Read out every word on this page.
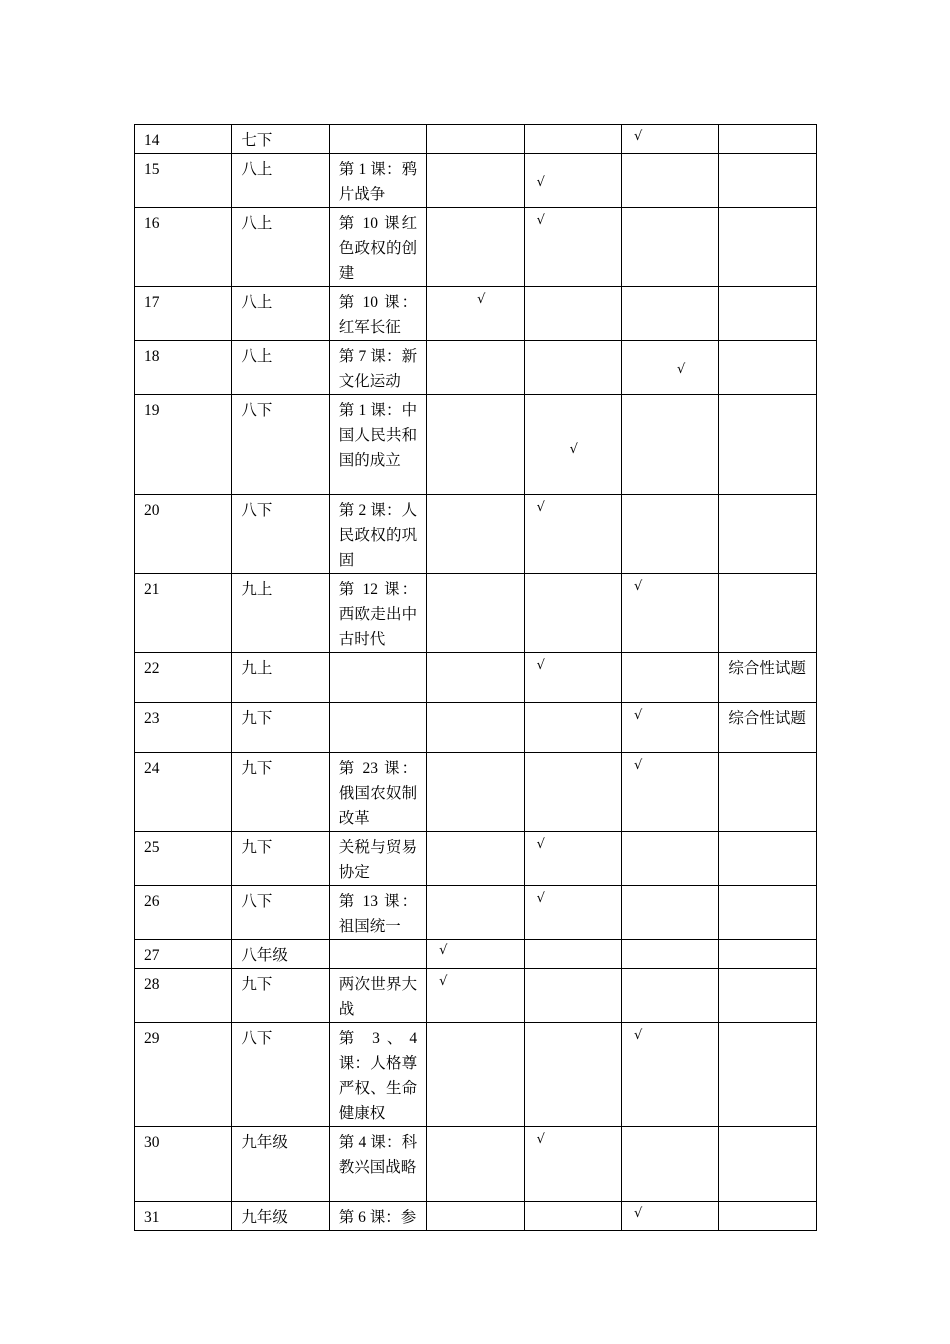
14	七下				√	

15	八上	第 1 课：鸦片战争		√		

16	八上	第 10 课红色政权的创建		√		

17	八上	第 10 课：红军长征	√			

18	八上	第 7 课：新文化运动			√	

19	八下	第 1 课：中国人民共和国的成立		√		

20	八下	第 2 课：人民政权的巩固		√		

21	九上	第 12 课：西欧走出中古时代			√	

22	九上			√		综合性试题
23	九下				√	综合性试题
24	九下	第 23 课：俄国农奴制改革			√	

25	九下	关税与贸易协定		√		

26	八下	第 13 课：祖国统一		√		

27	八年级		√			

28	九下	两次世界大战	√			

29	八下	第 3、4 课：人格尊严权、生命健康权			√	

30	九年级	第 4 课：科教兴国战略		√		

31	九年级	第 6 课：参			√	
